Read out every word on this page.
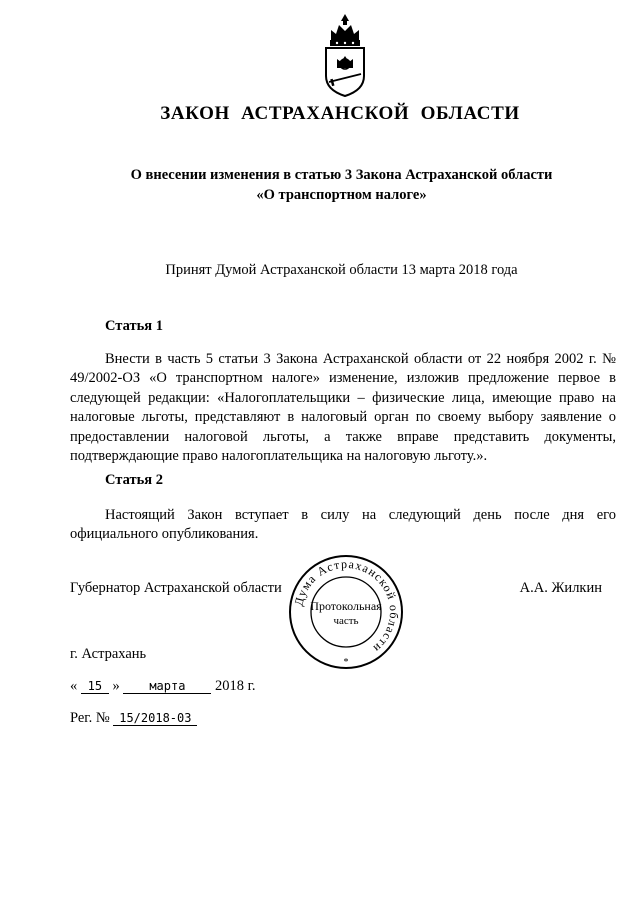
ЗАКОН АСТРАХАНСКОЙ ОБЛАСТИ
О внесении изменения в статью 3 Закона Астраханской области
«О транспортном налоге»
Принят Думой Астраханской области 13 марта 2018 года
Статья 1
Внести в часть 5 статьи 3 Закона Астраханской области от 22 ноября 2002 г. № 49/2002-ОЗ «О транспортном налоге» изменение, изложив предложение первое в следующей редакции: «Налогоплательщики – физические лица, имеющие право на налоговые льготы, представляют в налоговый орган по своему выбору заявление о предоставлении налоговой льготы, а также вправе представить документы, подтверждающие право налогоплательщика на налоговую льготу.».
Статья 2
Настоящий Закон вступает в силу на следующий день после дня его официального опубликования.
Губернатор Астраханской области	А.А. Жилкин
Дума Астраханской области
Протокольная
часть
*
г. Астрахань
« 15 » марта 2018 г.
Рег. № 15/2018-03
